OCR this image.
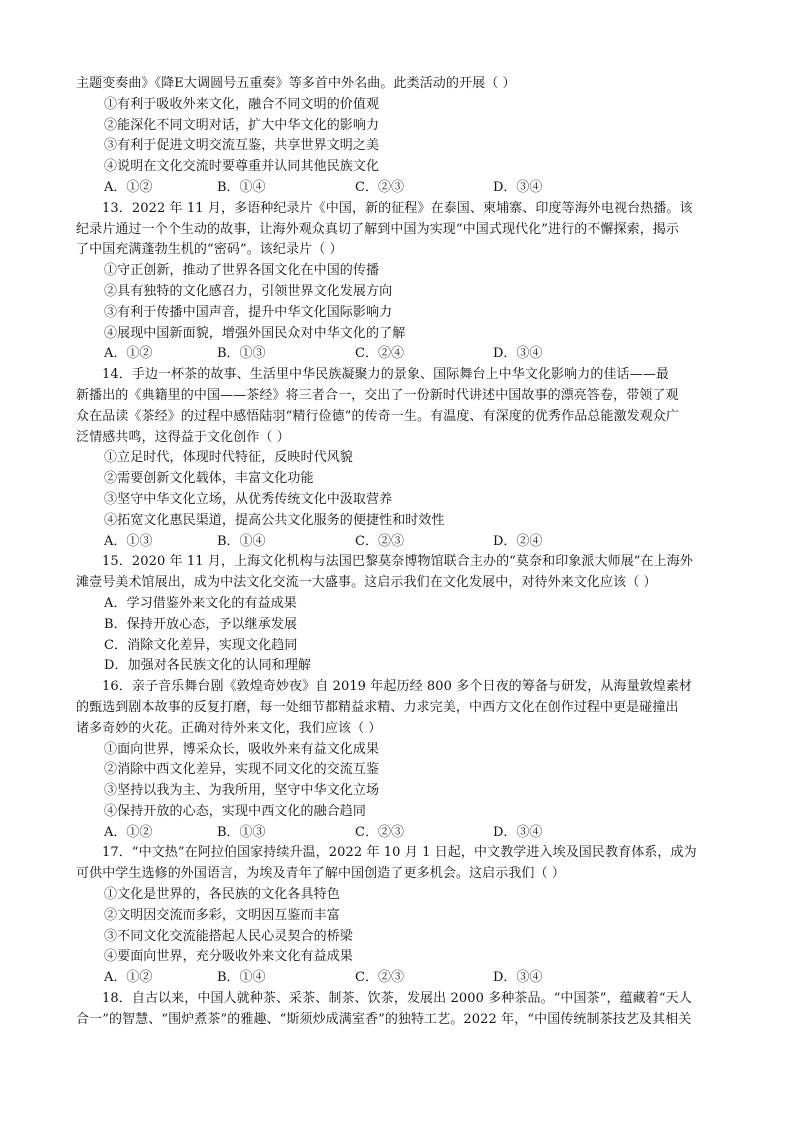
主题变奏曲》《降E大调圆号五重奏》等多首中外名曲。此类活动的开展（ ）
①有利于吸收外来文化，融合不同文明的价值观
②能深化不同文明对话，扩大中华文化的影响力
③有利于促进文明交流互鉴，共享世界文明之美
④说明在文化交流时要尊重并认同其他民族文化
A．①②	B．①④	C．②③	D．③④
13．2022 年 11 月，多语种纪录片《中国，新的征程》在泰国、柬埔寨、印度等海外电视台热播。该
纪录片通过一个个生动的故事，让海外观众真切了解到中国为实现“中国式现代化”进行的不懈探索，揭示
了中国充满蓬勃生机的“密码”。该纪录片（ ）
①守正创新，推动了世界各国文化在中国的传播
②具有独特的文化感召力，引领世界文化发展方向
③有利于传播中国声音，提升中华文化国际影响力
④展现中国新面貌，增强外国民众对中华文化的了解
A．①②	B．①③	C．②④	D．③④
14．手边一杯茶的故事、生活里中华民族凝聚力的景象、国际舞台上中华文化影响力的佳话——最
新播出的《典籍里的中国——茶经》将三者合一，交出了一份新时代讲述中国故事的漂亮答卷，带领了观
众在品读《茶经》的过程中感悟陆羽“精行俭德”的传奇一生。有温度、有深度的优秀作品总能激发观众广
泛情感共鸣，这得益于文化创作（ ）
①立足时代，体现时代特征，反映时代风貌
②需要创新文化载体，丰富文化功能
③坚守中华文化立场，从优秀传统文化中汲取营养
④拓宽文化惠民渠道，提高公共文化服务的便捷性和时效性
A．①③	B．①④	C．②③	D．②④
15．2020 年 11 月，上海文化机构与法国巴黎莫奈博物馆联合主办的“莫奈和印象派大师展”在上海外
滩壹号美术馆展出，成为中法文化交流一大盛事。这启示我们在文化发展中，对待外来文化应该（ ）
A．学习借鉴外来文化的有益成果
B．保持开放心态，予以继承发展
C．消除文化差异，实现文化趋同
D．加强对各民族文化的认同和理解
16．亲子音乐舞台剧《敦煌奇妙夜》自 2019 年起历经 800 多个日夜的筹备与研发，从海量敦煌素材
的甄选到剧本故事的反复打磨，每一处细节都精益求精、力求完美，中西方文化在创作过程中更是碰撞出
诸多奇妙的火花。正确对待外来文化，我们应该（ ）
①面向世界，博采众长，吸收外来有益文化成果
②消除中西文化差异，实现不同文化的交流互鉴
③坚持以我为主、为我所用，坚守中华文化立场
④保持开放的心态，实现中西文化的融合趋同
A．①②	B．①③	C．②③	D．③④
17．“中文热”在阿拉伯国家持续升温，2022 年 10 月 1 日起，中文教学进入埃及国民教育体系，成为
可供中学生选修的外国语言，为埃及青年了解中国创造了更多机会。这启示我们（ ）
①文化是世界的，各民族的文化各具特色
②文明因交流而多彩，文明因互鉴而丰富
③不同文化交流能搭起人民心灵契合的桥梁
④要面向世界，充分吸收外来文化有益成果
A．①②	B．①④	C．②③	D．③④
18．自古以来，中国人就种茶、采茶、制茶、饮茶，发展出 2000 多种茶品。“中国茶”，蕴藏着“天人
合一”的智慧、“围炉煮茶”的雅趣、“斯须炒成满室香”的独特工艺。2022 年，“中国传统制茶技艺及其相关
